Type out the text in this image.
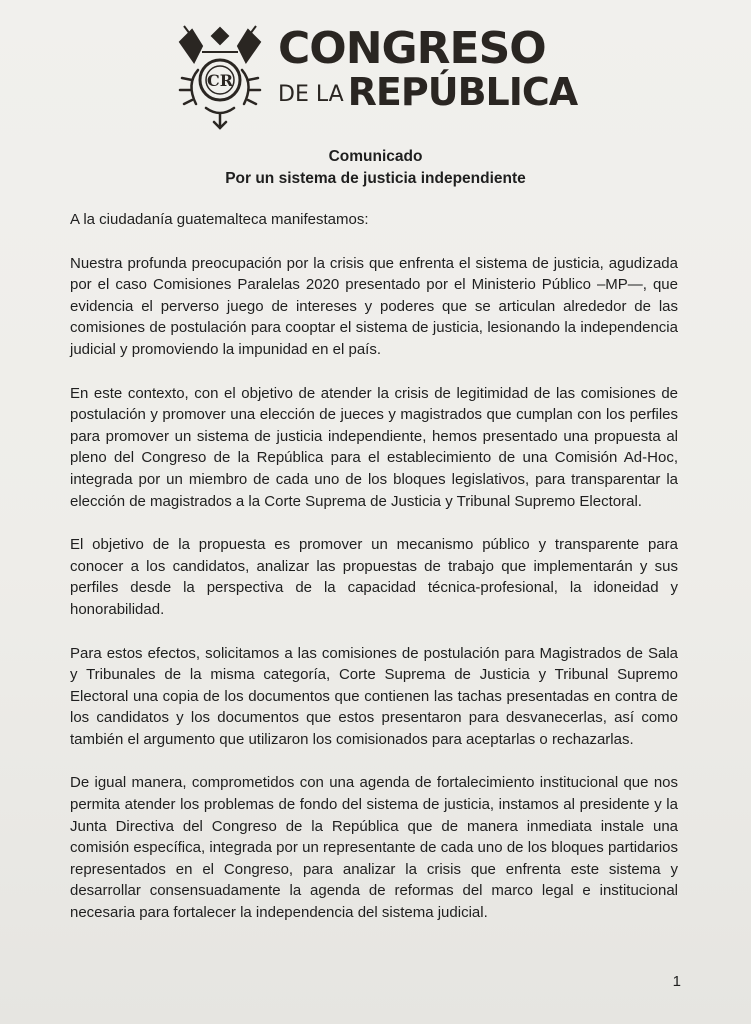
CR
CONGRESO
DE LA REPÚBLICA
Comunicado
Por un sistema de justicia independiente

A la ciudadanía guatemalteca manifestamos:

Nuestra profunda preocupación por la crisis que enfrenta el sistema de justicia, agudizada por el caso Comisiones Paralelas 2020 presentado por el Ministerio Público –MP—, que evidencia el perverso juego de intereses y poderes que se articulan alrededor de las comisiones de postulación para cooptar el sistema de justicia, lesionando la independencia judicial y promoviendo la impunidad en el país.

En este contexto, con el objetivo de atender la crisis de legitimidad de las comisiones de postulación y promover una elección de jueces y magistrados que cumplan con los perfiles para promover un sistema de justicia independiente, hemos presentado una propuesta al pleno del Congreso de la República para el establecimiento de una Comisión Ad-Hoc, integrada por un miembro de cada uno de los bloques legislativos, para transparentar la elección de magistrados a la Corte Suprema de Justicia y Tribunal Supremo Electoral.

El objetivo de la propuesta es promover un mecanismo público y transparente para conocer a los candidatos, analizar las propuestas de trabajo que implementarán y sus perfiles desde la perspectiva de la capacidad técnica-profesional, la idoneidad y honorabilidad.

Para estos efectos, solicitamos a las comisiones de postulación para Magistrados de Sala y Tribunales de la misma categoría, Corte Suprema de Justicia y Tribunal Supremo Electoral una copia de los documentos que contienen las tachas presentadas en contra de los candidatos y los documentos que estos presentaron para desvanecerlas, así como también el argumento que utilizaron los comisionados para aceptarlas o rechazarlas.

De igual manera, comprometidos con una agenda de fortalecimiento institucional que nos permita atender los problemas de fondo del sistema de justicia, instamos al presidente y la Junta Directiva del Congreso de la República que de manera inmediata instale una comisión específica, integrada por un representante de cada uno de los bloques partidarios representados en el Congreso, para analizar la crisis que enfrenta este sistema y desarrollar consensuadamente la agenda de reformas del marco legal e institucional necesaria para fortalecer la independencia del sistema judicial.

1
